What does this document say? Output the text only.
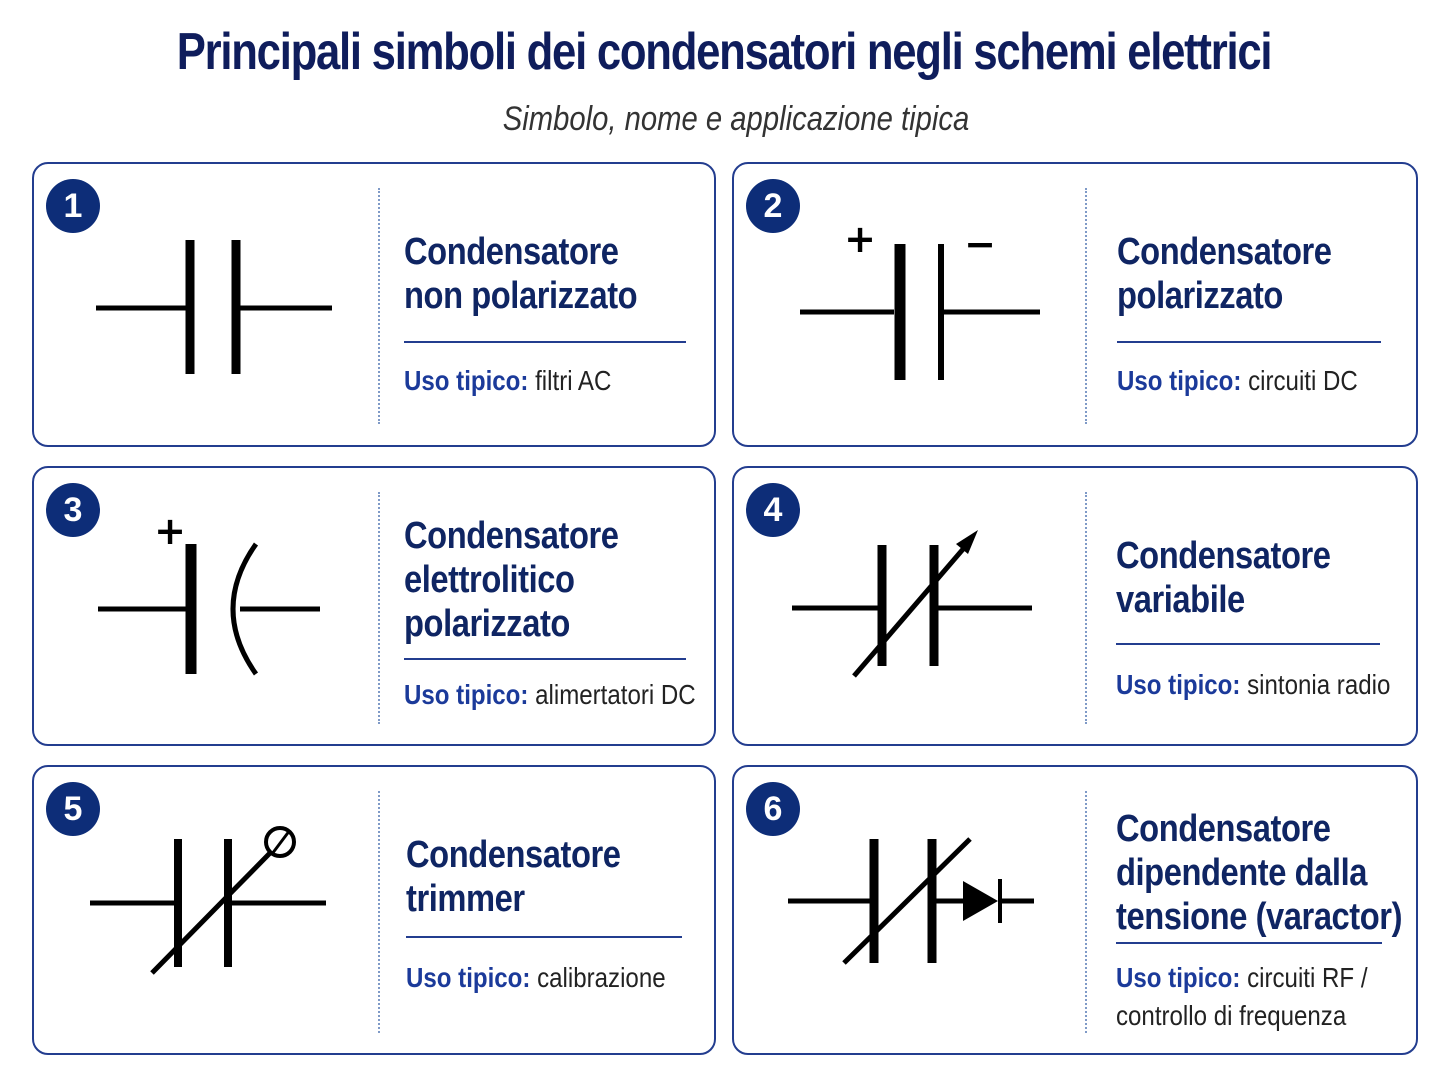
Principali simboli dei condensatori negli schemi elettrici
Simbolo, nome e applicazione tipica
1
Condensatore
non polarizzato
Uso tipico: filtri AC
2
+ −	Condensatore
polarizzato
Uso tipico: circuiti DC
3	+	Condensatore
elettrolitico
polarizzato
Uso tipico: alimertatori DC
4
Condensatore
variabile
Uso tipico: sintonia radio
5
Condensatore
trimmer
Uso tipico: calibrazione
6	Condensatore
dipendente dalla
tensione (varactor)
Uso tipico: circuiti RF /
controllo di frequenza
